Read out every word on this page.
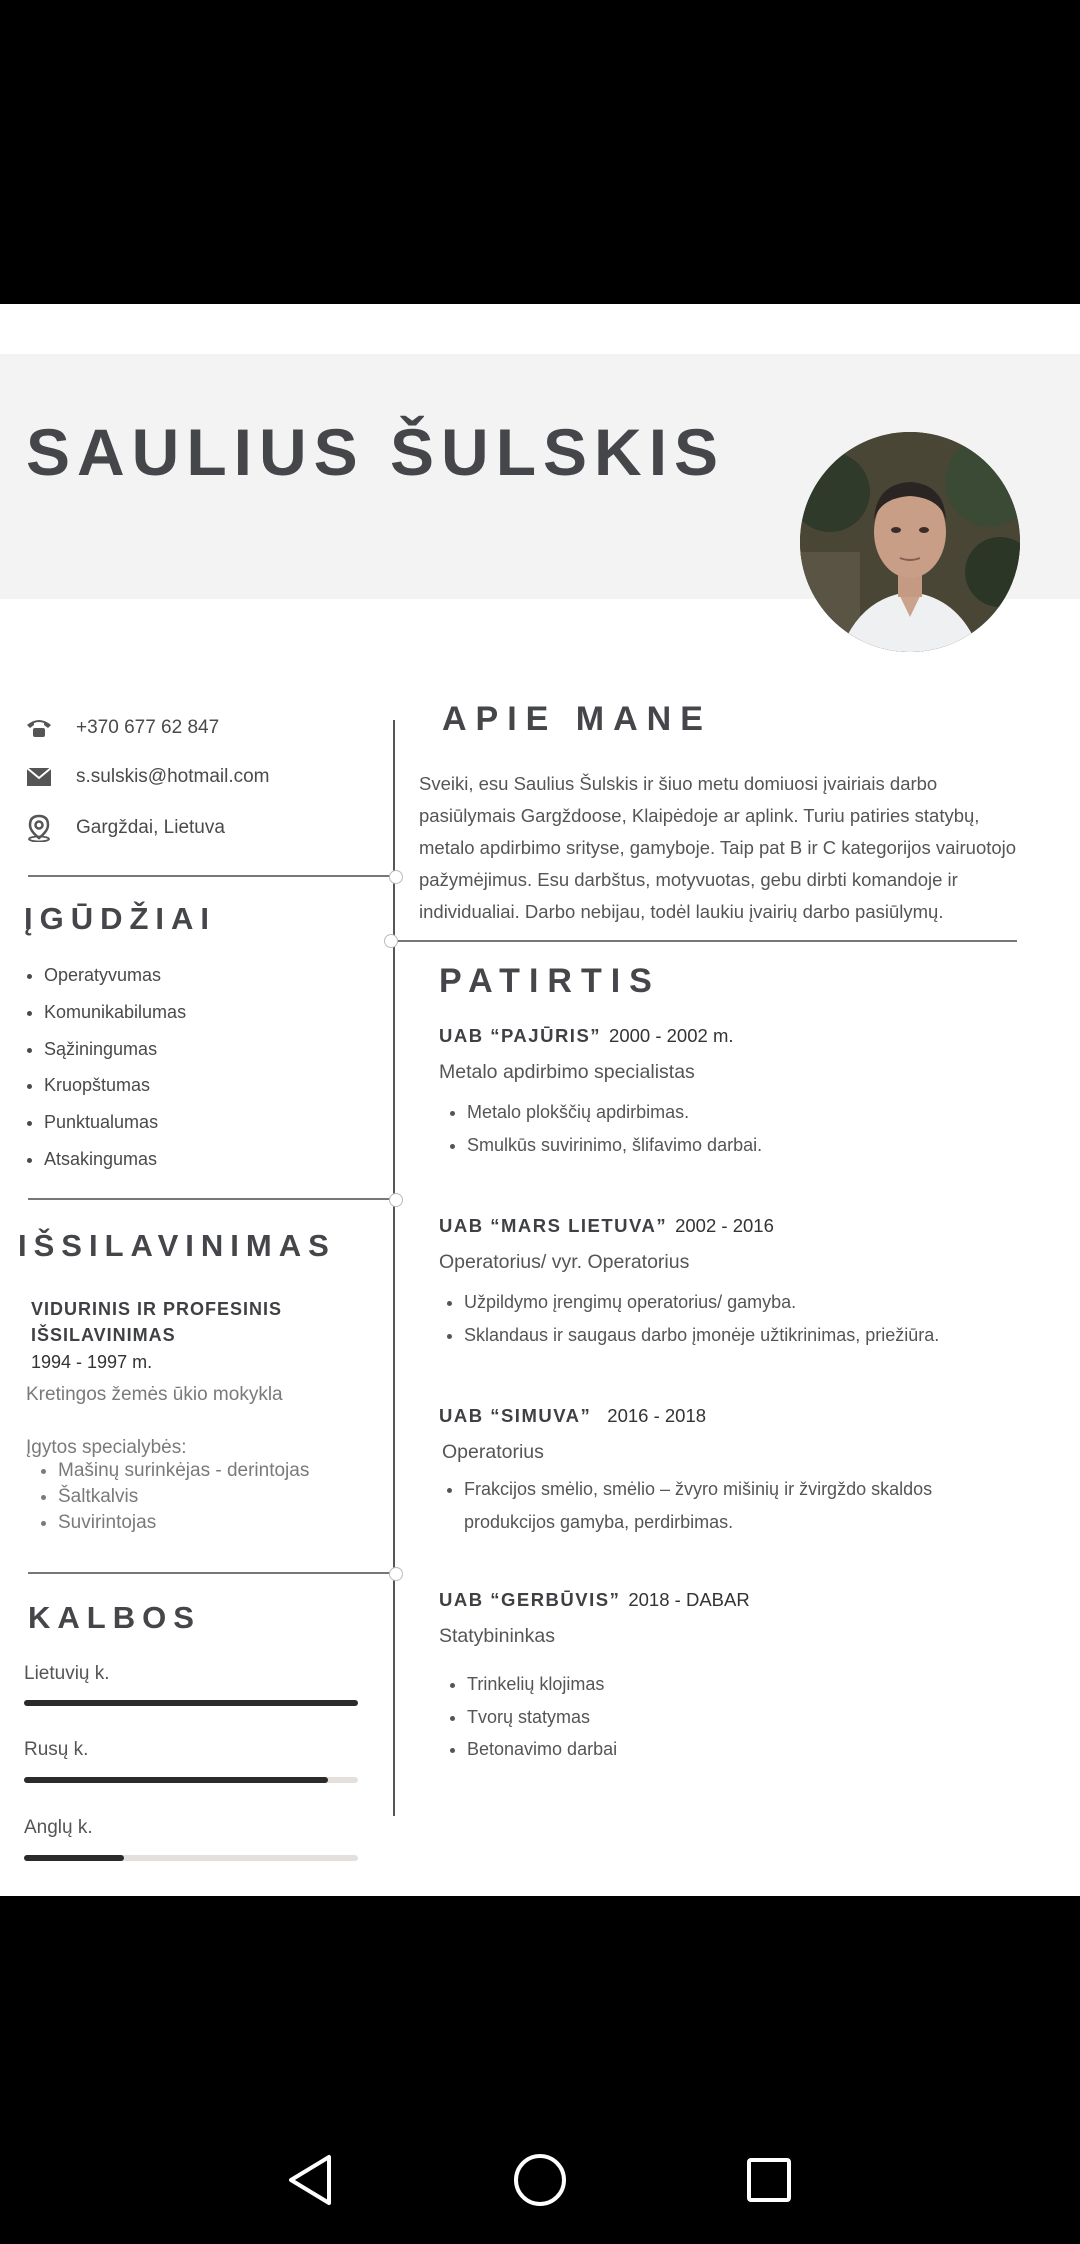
SAULIUS ŠULSKIS
+370 677 62 847
s.sulskis@hotmail.com
Gargždai, Lietuva
ĮGŪDŽIAI
• Operatyvumas
• Komunikabilumas
• Sąžiningumas
• Kruopštumas
• Punktualumas
• Atsakingumas
IŠSILAVINIMAS
VIDURINIS IR PROFESINIS IŠSILAVINIMAS
1994 - 1997 m.
Kretingos žemės ūkio mokykla
Įgytos specialybės:
• Mašinų surinkėjas - derintojas
• Šaltkalvis
• Suvirintojas
KALBOS
Lietuvių k.
Rusų k.
Anglų k.
APIE MANE
Sveiki, esu Saulius Šulskis ir šiuo metu domiuosi įvairiais darbo pasiūlymais Gargždoose, Klaipėdoje ar aplink. Turiu patiries statybų, metalo apdirbimo srityse, gamyboje. Taip pat B ir C kategorijos vairuotojo pažymėjimus. Esu darbštus, motyvuotas, gebu dirbti komandoje ir individualiai. Darbo nebijau, todėl laukiu įvairių darbo pasiūlymų.
PATIRTIS
UAB “PAJŪRIS” 2000 - 2002 m.
Metalo apdirbimo specialistas
• Metalo plokščių apdirbimas.
• Smulkūs suvirinimo, šlifavimo darbai.
UAB “MARS LIETUVA” 2002 - 2016
Operatorius/ vyr. Operatorius
• Užpildymo įrengimų operatorius/ gamyba.
• Sklandaus ir saugaus darbo įmonėje užtikrinimas, priežiūra.
UAB “SIMUVA” 2016 - 2018
Operatorius
• Frakcijos smėlio, smėlio – žvyro mišinių ir žvirgždo skaldos produkcijos gamyba, perdirbimas.
UAB “GERBŪVIS” 2018 - DABAR
Statybininkas
• Trinkelių klojimas
• Tvorų statymas
• Betonavimo darbai
